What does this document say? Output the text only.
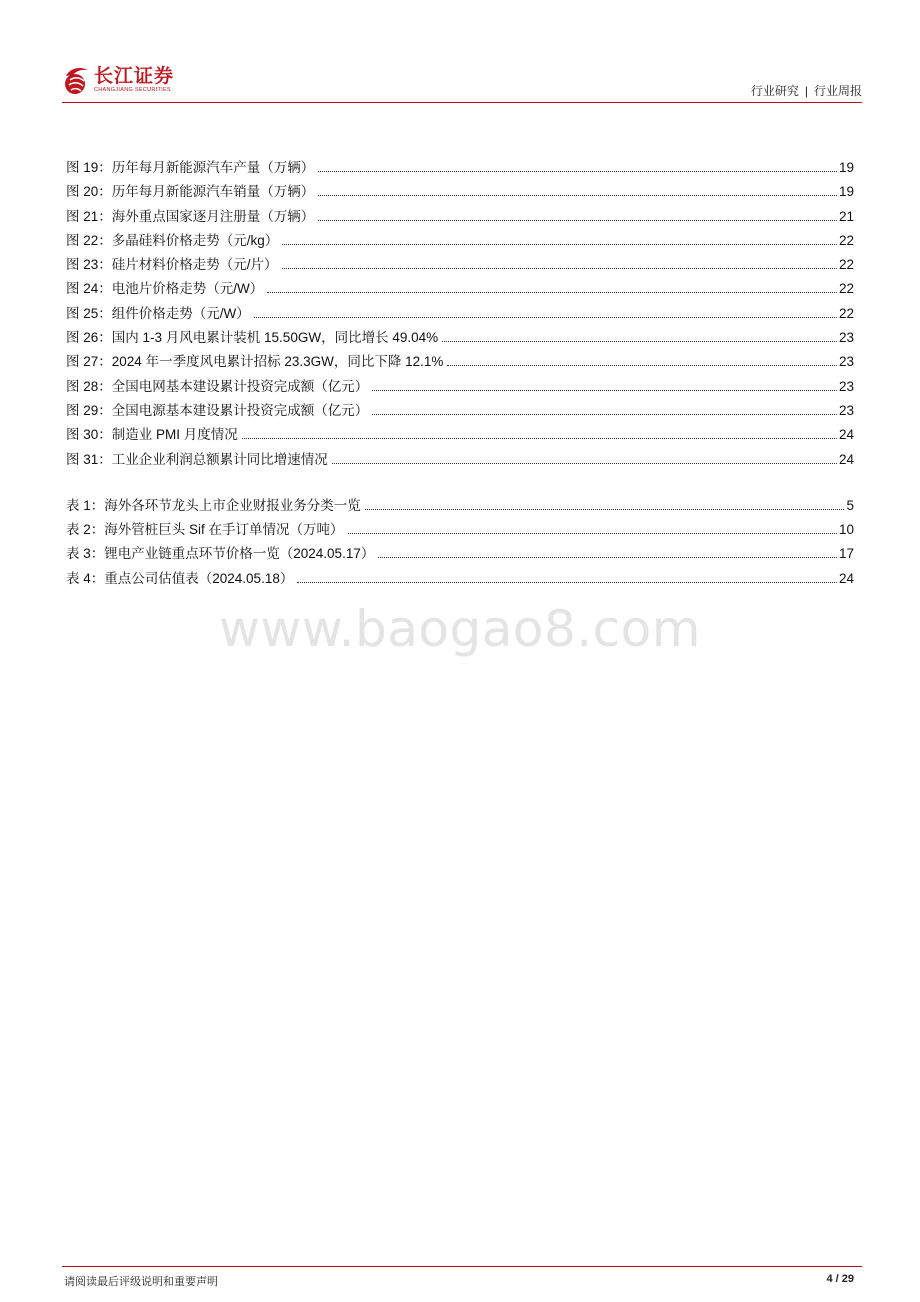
长江证券
CHANGJIANG SECURITIES	行业研究 | 行业周报
图 19： 历年每月新能源汽车产量（万辆）	19
图 20： 历年每月新能源汽车销量（万辆）	19
图 21： 海外重点国家逐月注册量（万辆）	21
图 22： 多晶硅料价格走势（元/kg）	22
图 23： 硅片材料价格走势（元/片）	22
图 24： 电池片价格走势（元/W）	22
图 25： 组件价格走势（元/W）	22
图 26： 国内 1-3 月风电累计装机 15.50GW，同比增长 49.04%	23
图 27： 2024 年一季度风电累计招标 23.3GW，同比下降 12.1%	23
图 28： 全国电网基本建设累计投资完成额（亿元）	23
图 29： 全国电源基本建设累计投资完成额（亿元）	23
图 30： 制造业 PMI 月度情况	24
图 31： 工业企业利润总额累计同比增速情况	24
表 1： 海外各环节龙头上市企业财报业务分类一览	5
表 2： 海外管桩巨头 Sif 在手订单情况（万吨）	10
表 3： 锂电产业链重点环节价格一览（2024.05.17）	17
表 4： 重点公司估值表（2024.05.18）	24
www.baogao8.com
请阅读最后评级说明和重要声明	4 / 29
